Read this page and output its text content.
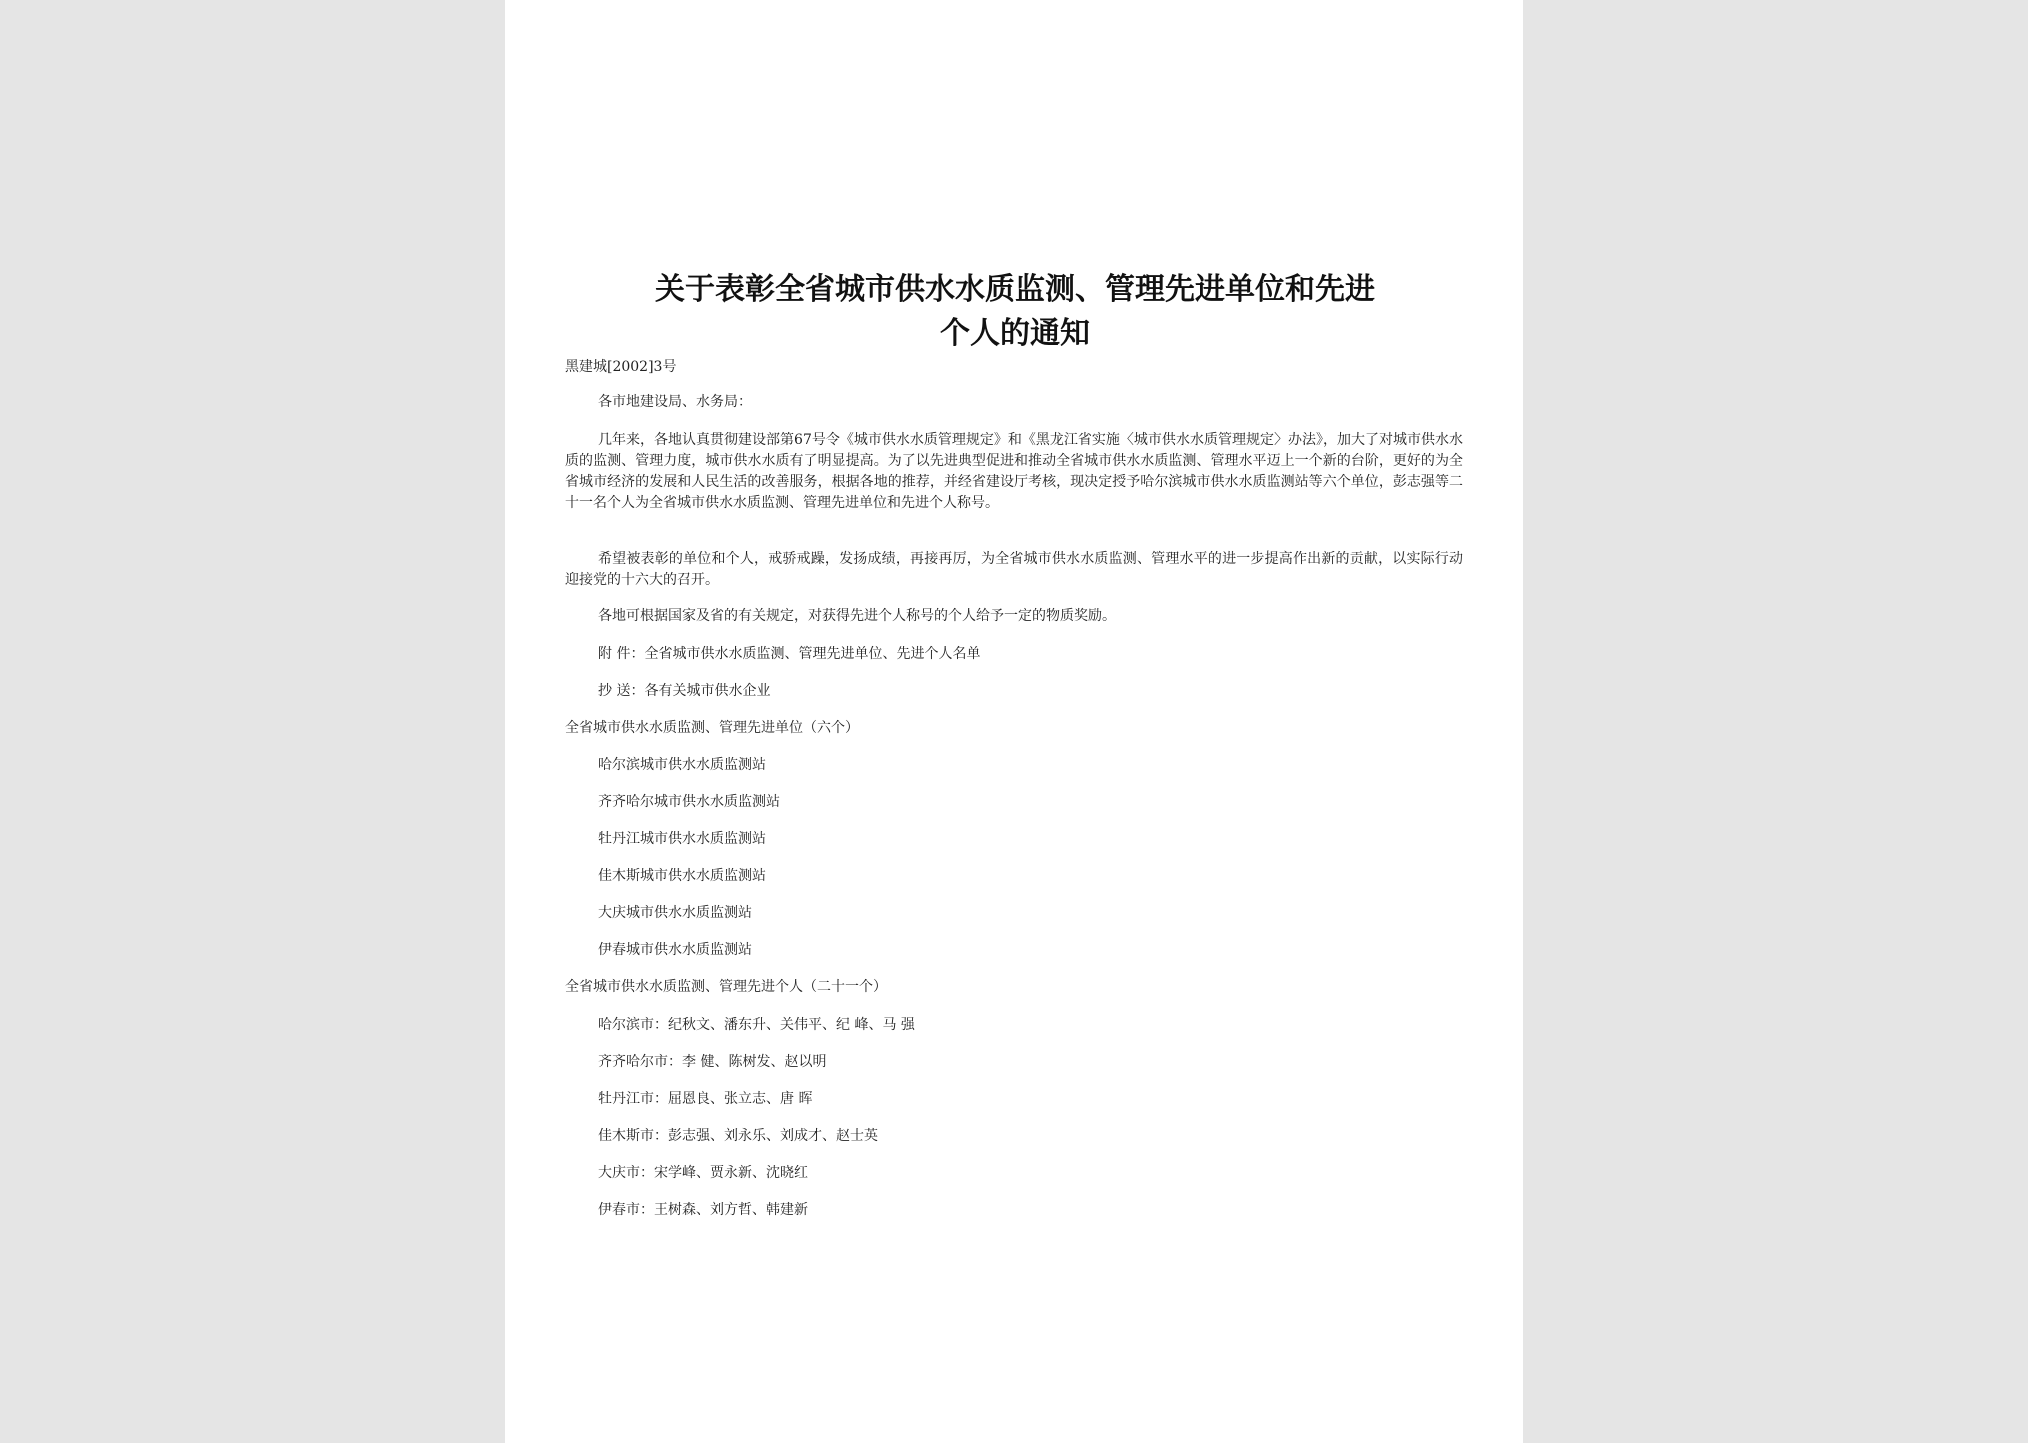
关于表彰全省城市供水水质监测、管理先进单位和先进
个人的通知
黑建城[2002]3号
各市地建设局、水务局：

几年来，各地认真贯彻建设部第67号令《城市供水水质管理规定》和《黑龙江省实施〈城市供水水质管理规定〉办法》，加大了对城市供水水质的监测、管理力度，城市供水水质有了明显提高。为了以先进典型促进和推动全省城市供水水质监测、管理水平迈上一个新的台阶，更好的为全省城市经济的发展和人民生活的改善服务，根据各地的推荐，并经省建设厅考核，现决定授予哈尔滨城市供水水质监测站等六个单位，彭志强等二十一名个人为全省城市供水水质监测、管理先进单位和先进个人称号。

希望被表彰的单位和个人，戒骄戒躁，发扬成绩，再接再厉，为全省城市供水水质监测、管理水平的进一步提高作出新的贡献，以实际行动迎接党的十六大的召开。

各地可根据国家及省的有关规定，对获得先进个人称号的个人给予一定的物质奖励。
附 件：全省城市供水水质监测、管理先进单位、先进个人名单
抄 送：各有关城市供水企业
全省城市供水水质监测、管理先进单位（六个）
哈尔滨城市供水水质监测站
齐齐哈尔城市供水水质监测站
牡丹江城市供水水质监测站
佳木斯城市供水水质监测站
大庆城市供水水质监测站
伊春城市供水水质监测站
全省城市供水水质监测、管理先进个人（二十一个）
哈尔滨市：纪秋文、潘东升、关伟平、纪 峰、马 强
齐齐哈尔市：李 健、陈树发、赵以明
牡丹江市：屈恩良、张立志、唐 晖
佳木斯市：彭志强、刘永乐、刘成才、赵士英
大庆市：宋学峰、贾永新、沈晓红
伊春市：王树森、刘方哲、韩建新
